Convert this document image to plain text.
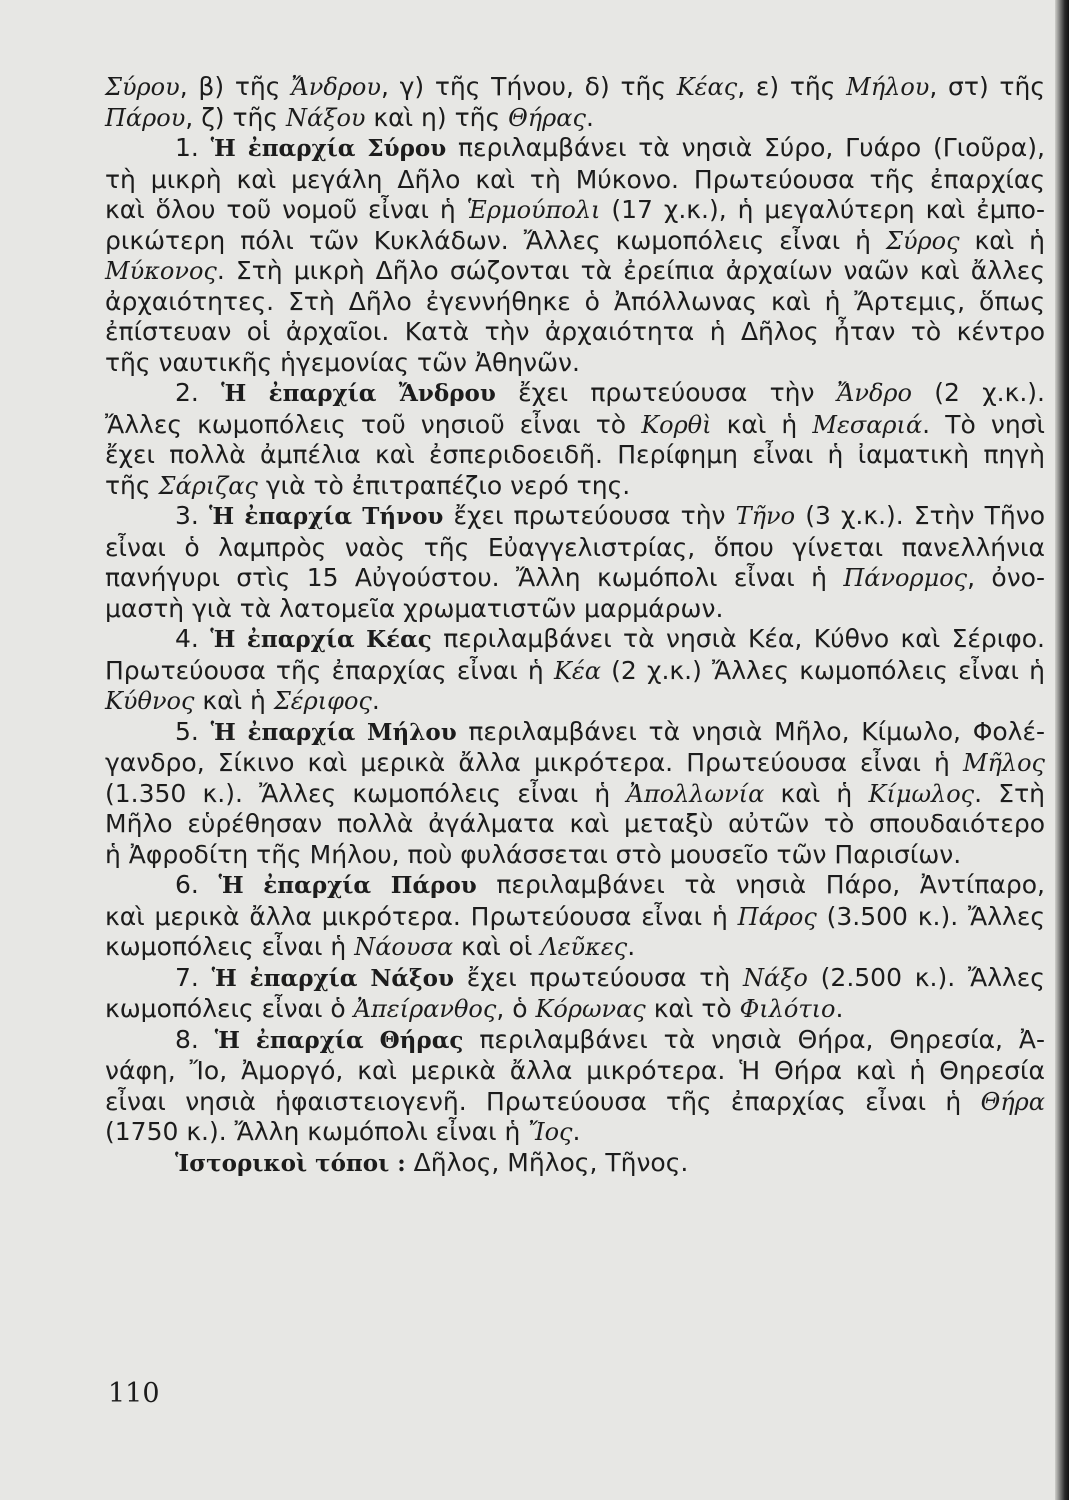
Σύρου, β) τῆς Ἄνδρου, γ) τῆς Τήνου, δ) τῆς Κέας, ε) τῆς Μήλου, στ) τῆς
Πάρου, ζ) τῆς Νάξου καὶ η) τῆς Θήρας.
1. Ἡ ἐπαρχία Σύρου περιλαμβάνει τὰ νησιὰ Σύρο, Γυάρο (Γιοῦρα),
τὴ μικρὴ καὶ μεγάλη Δῆλο καὶ τὴ Μύκονο. Πρωτεύουσα τῆς ἐπαρχίας
καὶ ὅλου τοῦ νομοῦ εἶναι ἡ Ἑρμούπολι (17 χ.κ.), ἡ μεγαλύτερη καὶ ἐμπο-
ρικώτερη πόλι τῶν Κυκλάδων. Ἄλλες κωμοπόλεις εἶναι ἡ Σύρος καὶ ἡ
Μύκονος. Στὴ μικρὴ Δῆλο σώζονται τὰ ἐρείπια ἀρχαίων ναῶν καὶ ἄλλες
ἀρχαιότητες. Στὴ Δῆλο ἐγεννήθηκε ὁ Ἀπόλλωνας καὶ ἡ Ἄρτεμις, ὅπως
ἐπίστευαν οἱ ἀρχαῖοι. Κατὰ τὴν ἀρχαιότητα ἡ Δῆλος ἦταν τὸ κέντρο
τῆς ναυτικῆς ἡγεμονίας τῶν Ἀθηνῶν.
2. Ἡ ἐπαρχία Ἄνδρου ἔχει πρωτεύουσα τὴν Ἄνδρο (2 χ.κ.).
Ἄλλες κωμοπόλεις τοῦ νησιοῦ εἶναι τὸ Κορθὶ καὶ ἡ Μεσαριά. Τὸ νησὶ
ἔχει πολλὰ ἀμπέλια καὶ ἐσπεριδοειδῆ. Περίφημη εἶναι ἡ ἰαματικὴ πηγὴ
τῆς Σάριζας γιὰ τὸ ἐπιτραπέζιο νερό της.
3. Ἡ ἐπαρχία Τήνου ἔχει πρωτεύουσα τὴν Τῆνο (3 χ.κ.). Στὴν Τῆνο
εἶναι ὁ λαμπρὸς ναὸς τῆς Εὐαγγελιστρίας, ὅπου γίνεται πανελλήνια
πανήγυρι στὶς 15 Αὐγούστου. Ἄλλη κωμόπολι εἶναι ἡ Πάνορμος, ὀνο-
μαστὴ γιὰ τὰ λατομεῖα χρωματιστῶν μαρμάρων.
4. Ἡ ἐπαρχία Κέας περιλαμβάνει τὰ νησιὰ Κέα, Κύθνο καὶ Σέριφο.
Πρωτεύουσα τῆς ἐπαρχίας εἶναι ἡ Κέα (2 χ.κ.) Ἄλλες κωμοπόλεις εἶναι ἡ
Κύθνος καὶ ἡ Σέριφος.
5. Ἡ ἐπαρχία Μήλου περιλαμβάνει τὰ νησιὰ Μῆλο, Κίμωλο, Φολέ-
γανδρο, Σίκινο καὶ μερικὰ ἄλλα μικρότερα. Πρωτεύουσα εἶναι ἡ Μῆλος
(1.350 κ.). Ἄλλες κωμοπόλεις εἶναι ἡ Ἀπολλωνία καὶ ἡ Κίμωλος. Στὴ
Μῆλο εὑρέθησαν πολλὰ ἀγάλματα καὶ μεταξὺ αὐτῶν τὸ σπουδαιότερο
ἡ Ἀφροδίτη τῆς Μήλου, ποὺ φυλάσσεται στὸ μουσεῖο τῶν Παρισίων.
6. Ἡ ἐπαρχία Πάρου περιλαμβάνει τὰ νησιὰ Πάρο, Ἀντίπαρο,
καὶ μερικὰ ἄλλα μικρότερα. Πρωτεύουσα εἶναι ἡ Πάρος (3.500 κ.). Ἄλλες
κωμοπόλεις εἶναι ἡ Νάουσα καὶ οἱ Λεῦκες.
7. Ἡ ἐπαρχία Νάξου ἔχει πρωτεύουσα τὴ Νάξο (2.500 κ.). Ἄλλες
κωμοπόλεις εἶναι ὁ Ἀπείρανθος, ὁ Κόρωνας καὶ τὸ Φιλότιο.
8. Ἡ ἐπαρχία Θήρας περιλαμβάνει τὰ νησιὰ Θήρα, Θηρεσία, Ἀ-
νάφη, Ἴο, Ἀμοργό, καὶ μερικὰ ἄλλα μικρότερα. Ἡ Θήρα καὶ ἡ Θηρεσία
εἶναι νησιὰ ἡφαιστειογενῆ. Πρωτεύουσα τῆς ἐπαρχίας εἶναι ἡ Θήρα
(1750 κ.). Ἄλλη κωμόπολι εἶναι ἡ Ἴος.
Ἱστορικοὶ τόποι : Δῆλος, Μῆλος, Τῆνος.
110
